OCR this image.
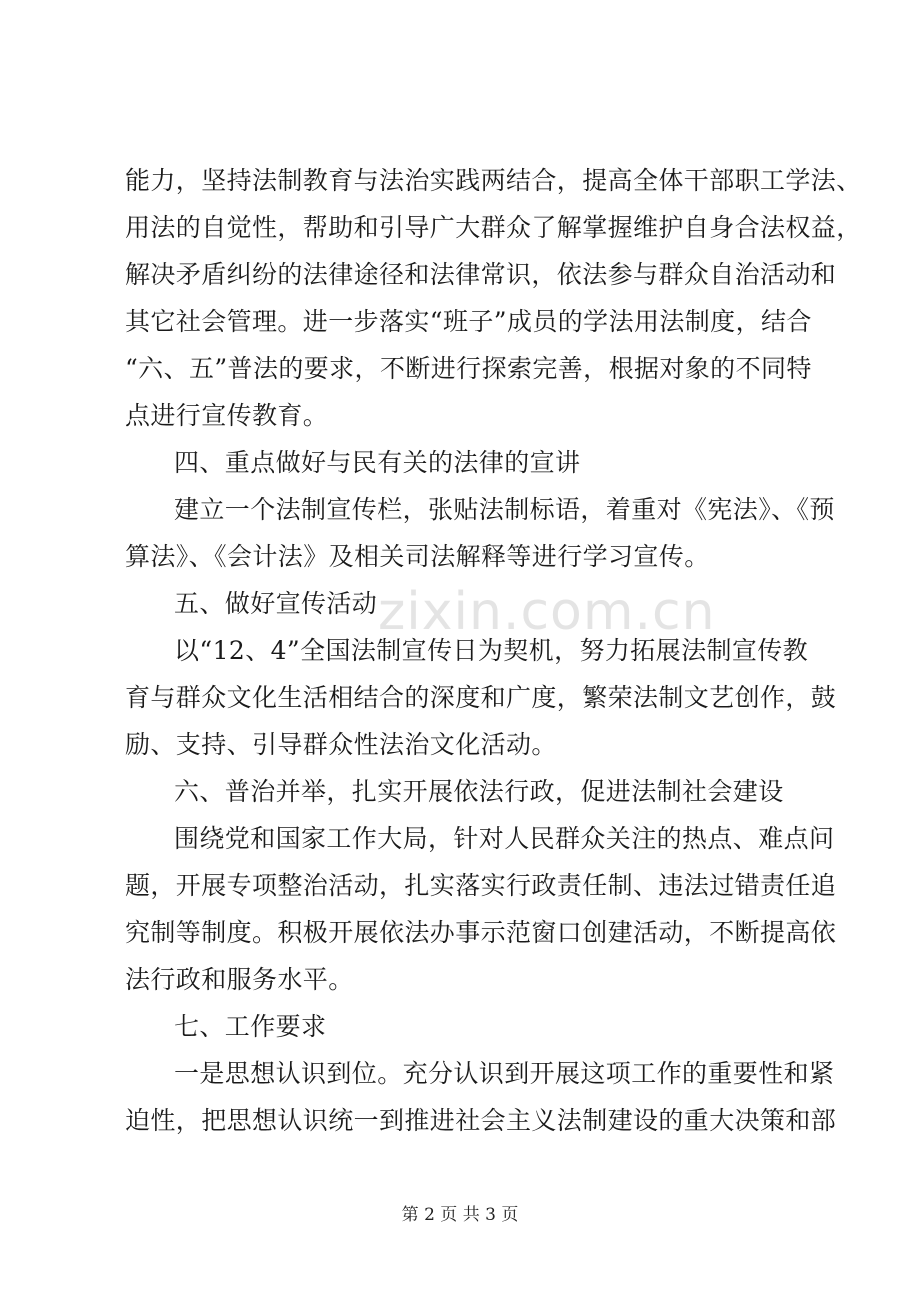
zixin.com.cn
能力，坚持法制教育与法治实践两结合，提高全体干部职工学法、
用法的自觉性，帮助和引导广大群众了解掌握维护自身合法权益，
解决矛盾纠纷的法律途径和法律常识，依法参与群众自治活动和
其它社会管理。进一步落实“班子”成员的学法用法制度，结合
“六、五”普法的要求，不断进行探索完善，根据对象的不同特
点进行宣传教育。
四、重点做好与民有关的法律的宣讲
建立一个法制宣传栏，张贴法制标语，着重对《宪法》、《预
算法》、《会计法》及相关司法解释等进行学习宣传。
五、做好宣传活动
以“12、4”全国法制宣传日为契机，努力拓展法制宣传教
育与群众文化生活相结合的深度和广度，繁荣法制文艺创作，鼓
励、支持、引导群众性法治文化活动。
六、普治并举，扎实开展依法行政，促进法制社会建设
围绕党和国家工作大局，针对人民群众关注的热点、难点问
题，开展专项整治活动，扎实落实行政责任制、违法过错责任追
究制等制度。积极开展依法办事示范窗口创建活动，不断提高依
法行政和服务水平。
七、工作要求
一是思想认识到位。充分认识到开展这项工作的重要性和紧
迫性，把思想认识统一到推进社会主义法制建设的重大决策和部
第 2 页 共 3 页
